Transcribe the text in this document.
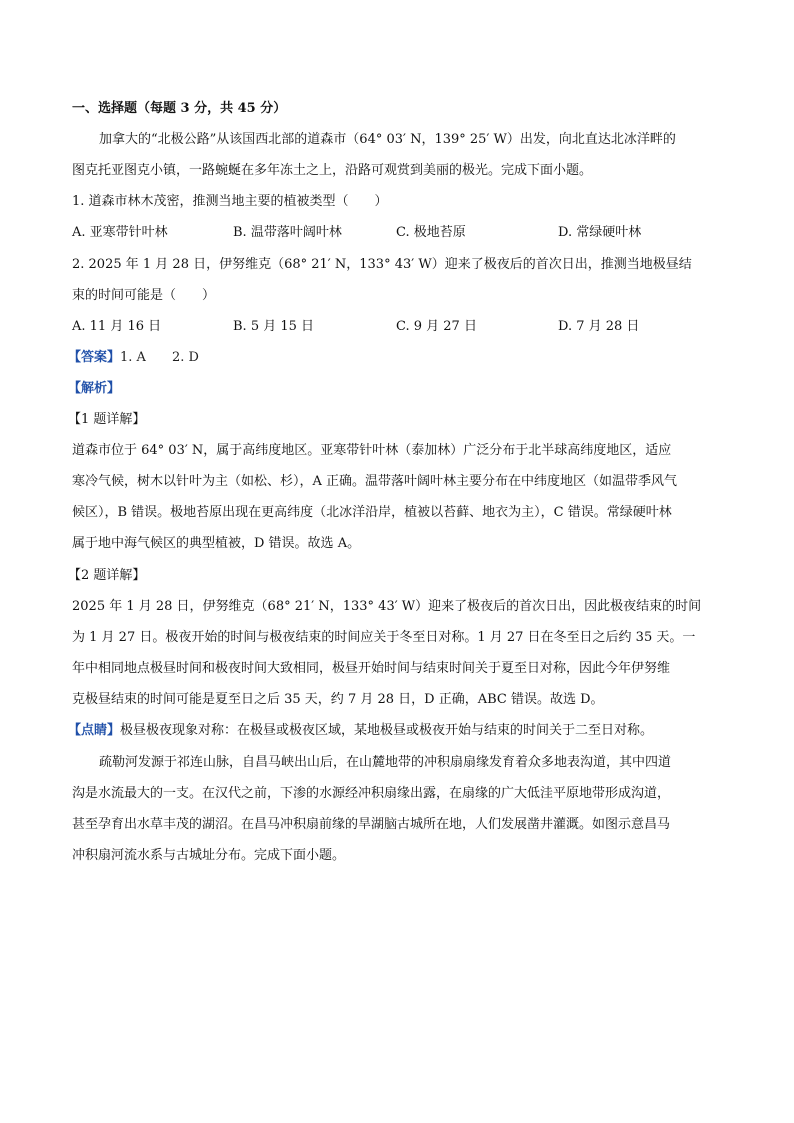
一、选择题（每题 3 分，共 45 分）
加拿大的“北极公路”从该国西北部的道森市（64° 03′ N，139° 25′ W）出发，向北直达北冰洋畔的
图克托亚图克小镇，一路蜿蜒在多年冻土之上，沿路可观赏到美丽的极光。完成下面小题。
1. 道森市林木茂密，推测当地主要的植被类型（　　）
A. 亚寒带针叶林	B. 温带落叶阔叶林	C. 极地苔原	D. 常绿硬叶林
2. 2025 年 1 月 28 日，伊努维克（68° 21′ N，133° 43′ W）迎来了极夜后的首次日出，推测当地极昼结
束的时间可能是（　　）
A. 11 月 16 日	B. 5 月 15 日	C. 9 月 27 日	D. 7 月 28 日
【答案】1. A　　2. D
【解析】
【1 题详解】
道森市位于 64° 03′ N，属于高纬度地区。亚寒带针叶林（泰加林）广泛分布于北半球高纬度地区，适应
寒冷气候，树木以针叶为主（如松、杉），A 正确。温带落叶阔叶林主要分布在中纬度地区（如温带季风气
候区），B 错误。极地苔原出现在更高纬度（北冰洋沿岸，植被以苔藓、地衣为主），C 错误。常绿硬叶林
属于地中海气候区的典型植被，D 错误。故选 A。
【2 题详解】
2025 年 1 月 28 日，伊努维克（68° 21′ N，133° 43′ W）迎来了极夜后的首次日出，因此极夜结束的时间
为 1 月 27 日。极夜开始的时间与极夜结束的时间应关于冬至日对称。1 月 27 日在冬至日之后约 35 天。一
年中相同地点极昼时间和极夜时间大致相同，极昼开始时间与结束时间关于夏至日对称，因此今年伊努维
克极昼结束的时间可能是夏至日之后 35 天，约 7 月 28 日，D 正确，ABC 错误。故选 D。
【点睛】极昼极夜现象对称：在极昼或极夜区域，某地极昼或极夜开始与结束的时间关于二至日对称。
疏勒河发源于祁连山脉，自昌马峡出山后，在山麓地带的冲积扇扇缘发育着众多地表沟道，其中四道
沟是水流最大的一支。在汉代之前，下渗的水源经冲积扇缘出露，在扇缘的广大低洼平原地带形成沟道，
甚至孕育出水草丰茂的湖沼。在昌马冲积扇前缘的旱湖脑古城所在地，人们发展凿井灌溉。如图示意昌马
冲积扇河流水系与古城址分布。完成下面小题。
